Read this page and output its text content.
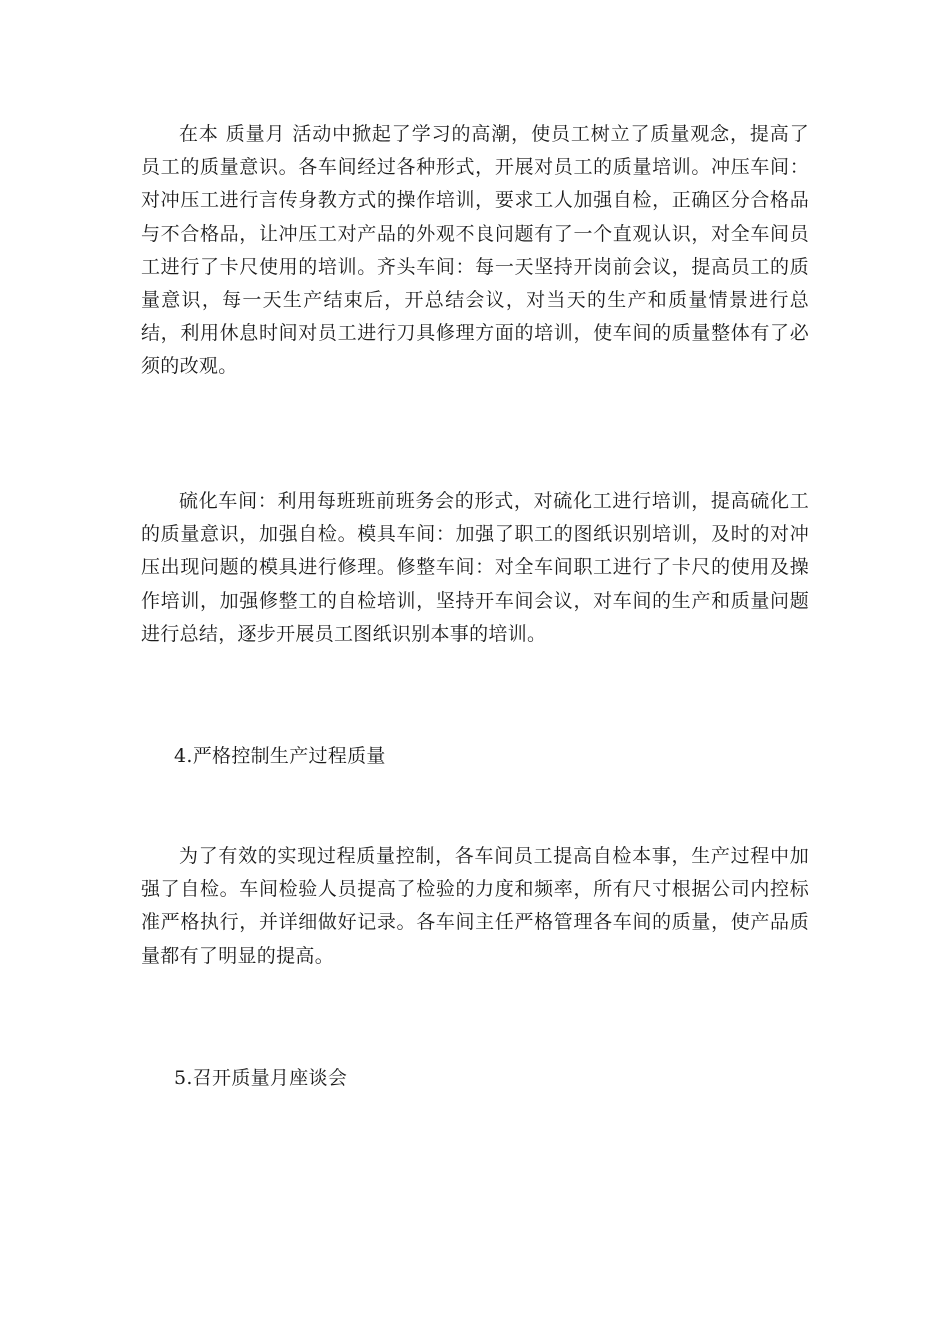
在本 质量月 活动中掀起了学习的高潮，使员工树立了质量观念，提高了员工的质量意识。各车间经过各种形式，开展对员工的质量培训。冲压车间：对冲压工进行言传身教方式的操作培训，要求工人加强自检，正确区分合格品与不合格品，让冲压工对产品的外观不良问题有了一个直观认识，对全车间员工进行了卡尺使用的培训。齐头车间：每一天坚持开岗前会议，提高员工的质量意识，每一天生产结束后，开总结会议，对当天的生产和质量情景进行总结，利用休息时间对员工进行刀具修理方面的培训，使车间的质量整体有了必须的改观。

硫化车间：利用每班班前班务会的形式，对硫化工进行培训，提高硫化工的质量意识，加强自检。模具车间：加强了职工的图纸识别培训，及时的对冲压出现问题的模具进行修理。修整车间：对全车间职工进行了卡尺的使用及操作培训，加强修整工的自检培训，坚持开车间会议，对车间的生产和质量问题进行总结，逐步开展员工图纸识别本事的培训。

4.严格控制生产过程质量

为了有效的实现过程质量控制，各车间员工提高自检本事，生产过程中加强了自检。车间检验人员提高了检验的力度和频率，所有尺寸根据公司内控标准严格执行，并详细做好记录。各车间主任严格管理各车间的质量，使产品质量都有了明显的提高。

5.召开质量月座谈会
